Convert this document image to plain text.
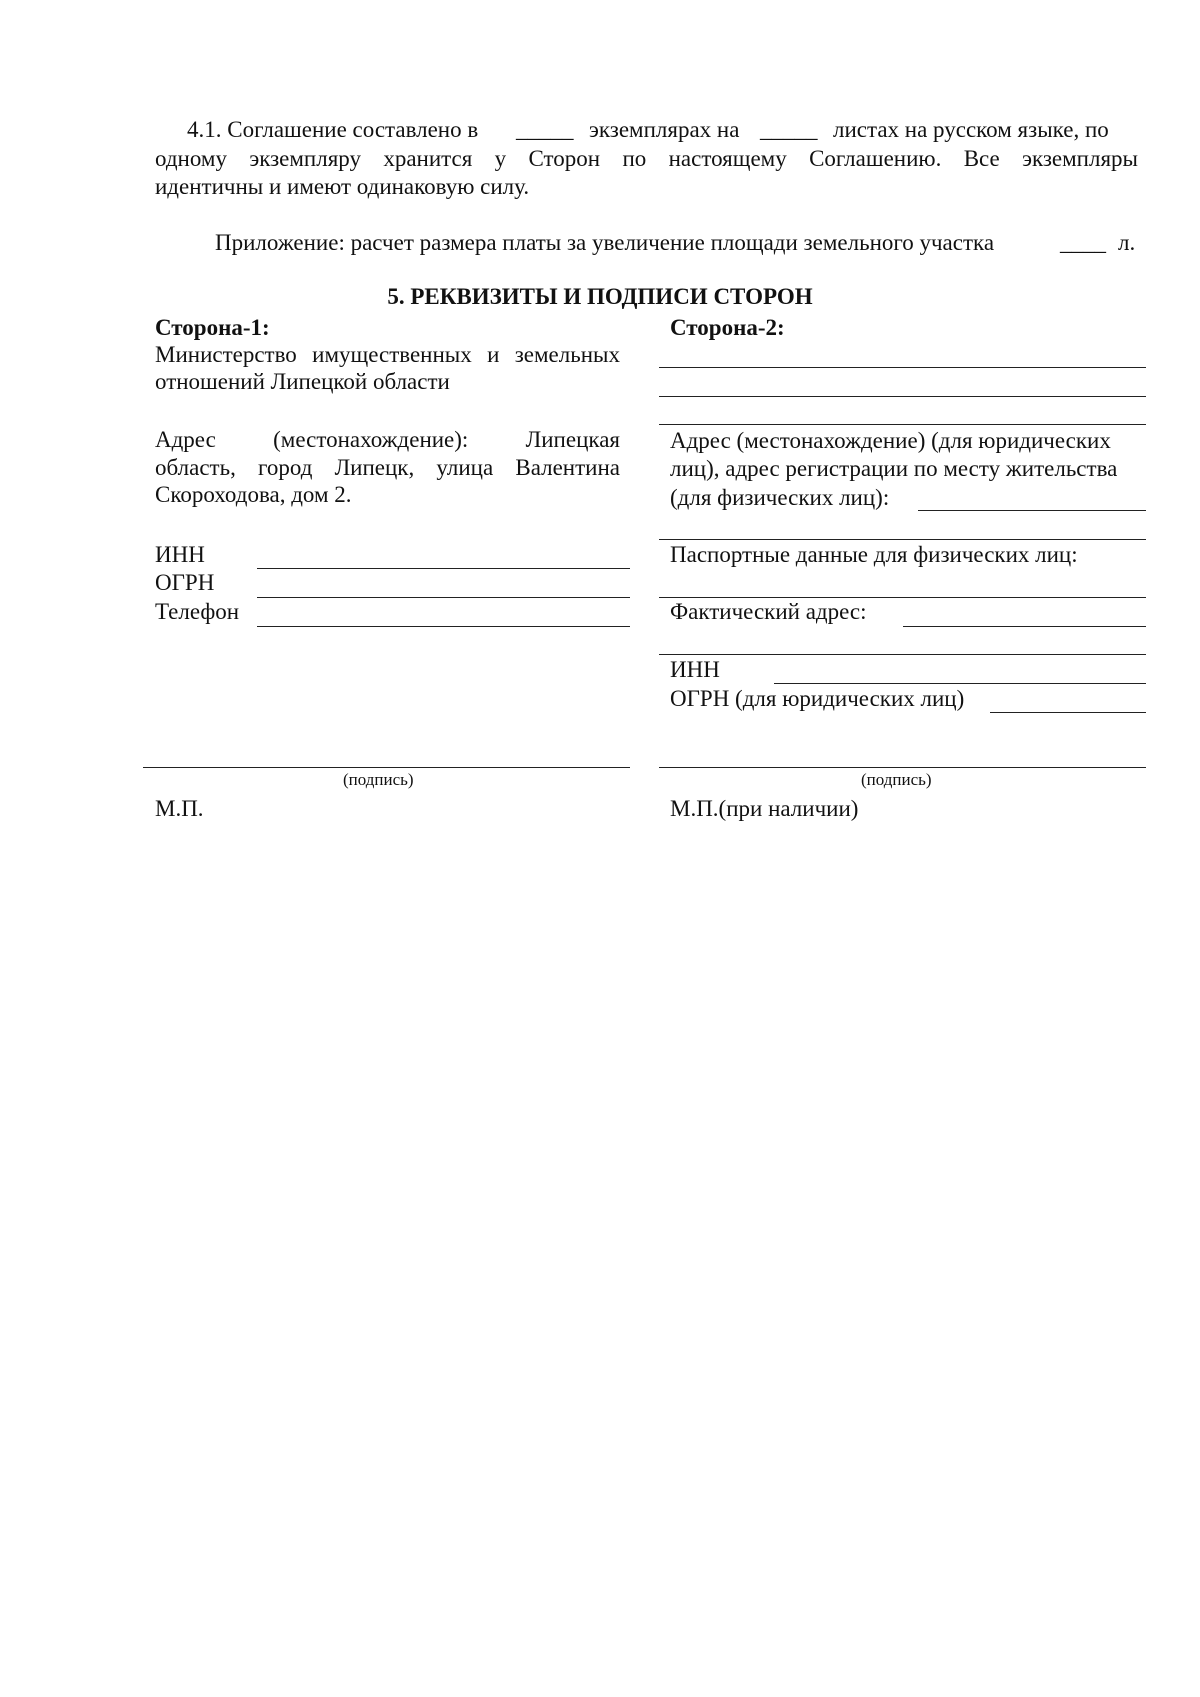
4.1. Соглашение составлено в _____ экземплярах на _____ листах на русском языке, по
одному экземпляру хранится у Сторон по настоящему Соглашению. Все экземпляры
идентичны и имеют одинаковую силу.
Приложение: расчет размера платы за увеличение площади земельного участка	____ л.
5. РЕКВИЗИТЫ И ПОДПИСИ СТОРОН
Сторона-1:
Министерство имущественных и земельных
отношений Липецкой области
Адрес (местонахождение): Липецкая
область, город Липецк, улица Валентина
Скороходова, дом 2.
ИНН
ОГРН
Телефон
(подпись)
М.П.
Сторона-2:
Адрес (местонахождение) (для юридических
лиц), адрес регистрации по месту жительства
(для физических лиц):
Паспортные данные для физических лиц:
Фактический адрес:
ИНН
ОГРН (для юридических лиц)
(подпись)
М.П.(при наличии)
